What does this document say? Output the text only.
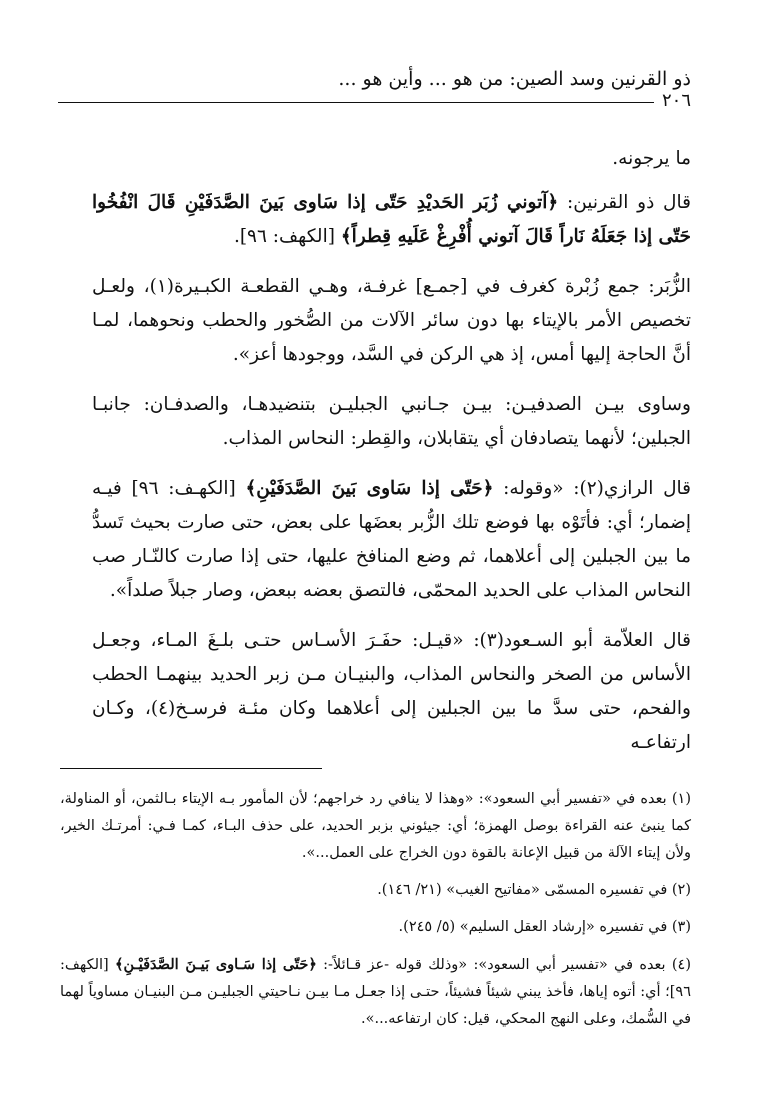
ذو القرنين وسد الصين: من هو ... وأين هو ...
٢٠٦

ما يرجونه.

قال ذو القرنين: ﴿آتوني زُبَر الحَديْدِ حَتّى إذا سَاوى بَينَ الصَّدَفَيْنِ قَالَ انْفُخُوا حَتّى إذا جَعَلَهُ نَاراً قَالَ آتوني أُفْرِغْ عَلَيهِ قِطراً﴾ [الكهف: ٩٦].

الزُّبَر: جمع زُبْرة كغرف في [جمـع] غرفـة، وهـي القطعـة الكبـيرة(١)، ولعـل تخصيص الأمر بالإيتاء بها دون سائر الآلات من الصُّخور والحطب ونحوهما، لمـا أنَّ الحاجة إليها أمس، إذ هي الركن في السَّد، ووجودها أعز».

وساوى بيـن الصدفيـن: بيـن جـانبي الجبليـن بتنضيدهـا، والصدفـان: جانبـا الجبلين؛ لأنهما يتصادفان أي يتقابلان، والقِطر: النحاس المذاب.

قال الرازي(٢): «وقوله: ﴿حَتّى إذا سَاوى بَينَ الصَّدَفَيْنِ﴾ [الكهـف: ٩٦] فيـه إضمار؛ أي: فأتَوْه بها فوضع تلك الزُّبر بعضَها على بعض، حتى صارت بحيث تَسدُّ ما بين الجبلين إلى أعلاهما، ثم وضع المنافخ عليها، حتى إذا صارت كالنّـار صب النحاس المذاب على الحديد المحمّى، فالتصق بعضه ببعض، وصار جبلاً صلداً».

قال العلاّمة أبو السـعود(٣): «قيـل: حفَـرَ الأسـاس حتـى بلـغَ المـاء، وجعـل الأساس من الصخر والنحاس المذاب، والبنيـان مـن زبر الحديد بينهمـا الحطب والفحم، حتى سدَّ ما بين الجبلين إلى أعلاهما وكان مئـة فرسـخ(٤)، وكـان ارتفاعـه

(١) بعده في «تفسير أبي السعود»: «وهذا لا ينافي رد خراجهم؛ لأن المأمور بـه الإيتاء بـالثمن، أو المناولة، كما ينبئ عنه القراءة بوصل الهمزة؛ أي: جيئوني بزبر الحديد، على حذف البـاء، كمـا فـي: أمرتـك الخير، ولأن إيتاء الآلة من قبيل الإعانة بالقوة دون الخراج على العمل...».

(٢) في تفسيره المسمّى «مفاتيح الغيب» (٢١/ ١٤٦).

(٣) في تفسيره «إرشاد العقل السليم» (٥/ ٢٤٥).

(٤) بعده في «تفسير أبي السعود»: «وذلك قوله -عز قـائلاً-: ﴿حَتّى إذا سَـاوى بَيـنَ الصَّدَفَيْـنِ﴾ [الكهف: ٩٦]؛ أي: أتوه إياها، فأخذ يبني شيئاً فشيئاً، حتـى إذا جعـل مـا بيـن نـاحيتي الجبليـن مـن البنيـان مساوياً لهما في السُّمك، وعلى النهج المحكي، قيل: كان ارتفاعه...».
